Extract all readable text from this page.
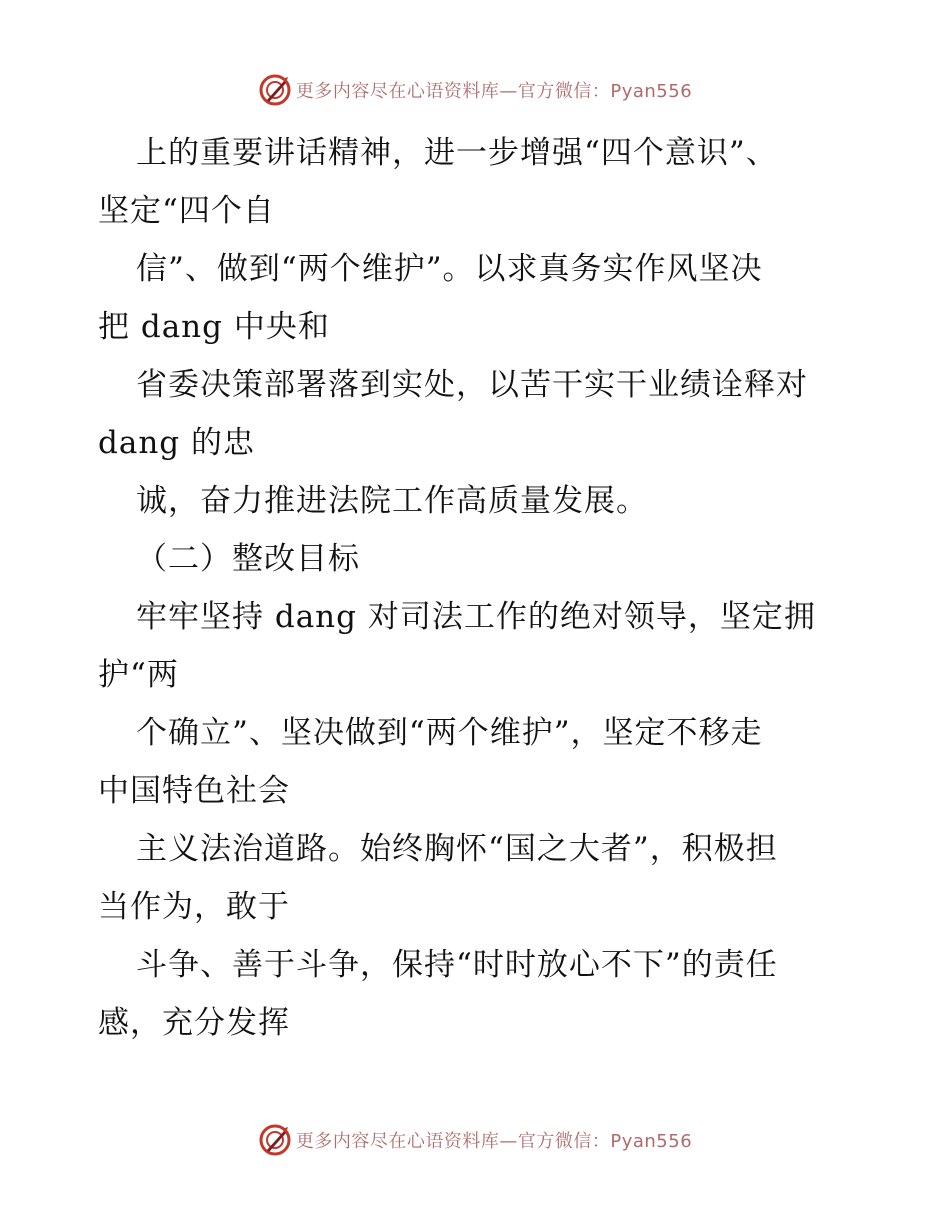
更多内容尽在心语资料库—官方微信：Pyan556
上的重要讲话精神，进一步增强“四个意识”、
坚定“四个自
信”、做到“两个维护”。以求真务实作风坚决
把 dang 中央和
省委决策部署落到实处，以苦干实干业绩诠释对
dang 的忠
诚，奋力推进法院工作高质量发展。
（二）整改目标
牢牢坚持 dang 对司法工作的绝对领导，坚定拥
护“两
个确立”、坚决做到“两个维护”，坚定不移走
中国特色社会
主义法治道路。始终胸怀“国之大者”，积极担
当作为，敢于
斗争、善于斗争，保持“时时放心不下”的责任
感，充分发挥
更多内容尽在心语资料库—官方微信：Pyan556
